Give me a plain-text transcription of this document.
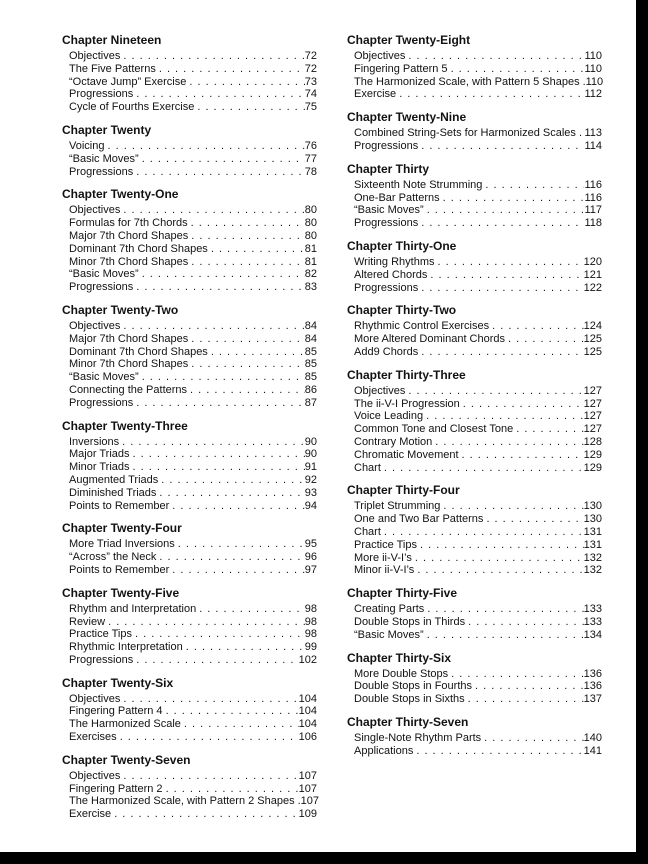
Chapter Nineteen
Objectives . . .	72
The Five Patterns . . .	72
“Octave Jump” Exercise . . .	73
Progressions . . .	74
Cycle of Fourths Exercise . . .	75
Chapter Twenty
Voicing . . .	76
“Basic Moves” . . .	77
Progressions . . .	78
Chapter Twenty-One
Objectives . . .	80
Formulas for 7th Chords . . .	80
Major 7th Chord Shapes . . .	80
Dominant 7th Chord Shapes . . .	81
Minor 7th Chord Shapes . . .	81
“Basic Moves” . . .	82
Progressions . . .	83
Chapter Twenty-Two
Objectives . . .	84
Major 7th Chord Shapes . . .	84
Dominant 7th Chord Shapes . . .	85
Minor 7th Chord Shapes . . .	85
“Basic Moves” . . .	85
Connecting the Patterns . . .	86
Progressions . . .	87
Chapter Twenty-Three
Inversions . . .	90
Major Triads . . .	90
Minor Triads . . .	91
Augmented Triads . . .	92
Diminished Triads . . .	93
Points to Remember . . .	94
Chapter Twenty-Four
More Triad Inversions . . .	95
“Across” the Neck . . .	96
Points to Remember . . .	97
Chapter Twenty-Five
Rhythm and Interpretation . . .	98
Review . . .	98
Practice Tips . . .	98
Rhythmic Interpretation . . .	99
Progressions . . .	102
Chapter Twenty-Six
Objectives . . .	104
Fingering Pattern 4 . . .	104
The Harmonized Scale . . .	104
Exercises . . .	106
Chapter Twenty-Seven
Objectives . . .	107
Fingering Pattern 2 . . .	107
The Harmonized Scale, with Pattern 2 Shapes . . . 107
Exercise . . .	109
Chapter Twenty-Eight
Objectives . . .	110
Fingering Pattern 5 . . .	110
The Harmonized Scale, with Pattern 5 Shapes . . . 110
Exercise . . .	112
Chapter Twenty-Nine
Combined String-Sets for Harmonized Scales . . . 113
Progressions . . .	114
Chapter Thirty
Sixteenth Note Strumming . . .	116
One-Bar Patterns . . .	116
“Basic Moves” . . .	117
Progressions . . .	118
Chapter Thirty-One
Writing Rhythms . . .	120
Altered Chords . . .	121
Progressions . . .	122
Chapter Thirty-Two
Rhythmic Control Exercises . . .	124
More Altered Dominant Chords . . .	125
Add9 Chords . . .	125
Chapter Thirty-Three
Objectives . . .	127
The ii-V-I Progression . . .	127
Voice Leading . . .	127
Common Tone and Closest Tone . . .	127
Contrary Motion . . .	128
Chromatic Movement . . .	129
Chart . . .	129
Chapter Thirty-Four
Triplet Strumming . . .	130
One and Two Bar Patterns . . .	130
Chart . . .	131
Practice Tips . . .	131
More ii-V-I’s . . .	132
Minor ii-V-I’s . . .	132
Chapter Thirty-Five
Creating Parts . . .	133
Double Stops in Thirds . . .	133
“Basic Moves” . . .	134
Chapter Thirty-Six
More Double Stops . . .	136
Double Stops in Fourths . . .	136
Double Stops in Sixths . . .	137
Chapter Thirty-Seven
Single-Note Rhythm Parts . . .	140
Applications . . .	141
